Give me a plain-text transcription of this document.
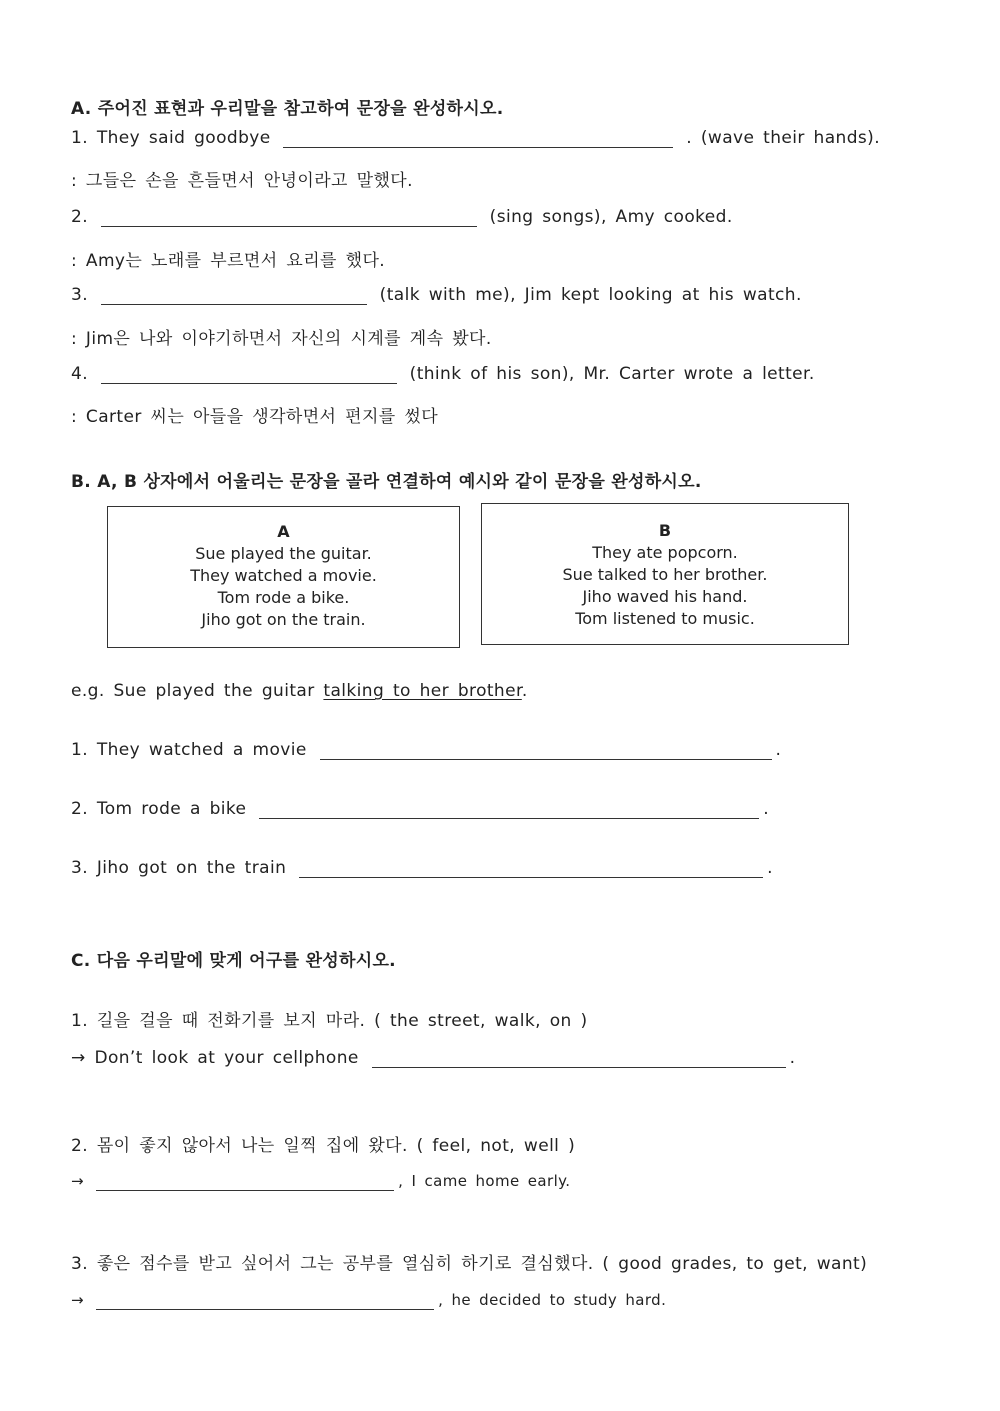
A. 주어진 표현과 우리말을 참고하여 문장을 완성하시오.
1. They said goodbye	. (wave their hands).
: 그들은 손을 흔들면서 안녕이라고 말했다.
2.	(sing songs), Amy cooked.
: Amy는 노래를 부르면서 요리를 했다.
3.	(talk with me), Jim kept looking at his watch.
: Jim은 나와 이야기하면서 자신의 시계를 계속 봤다.
4.	(think of his son), Mr. Carter wrote a letter.
: Carter 씨는 아들을 생각하면서 편지를 썼다
B. A, B 상자에서 어울리는 문장을 골라 연결하여 예시와 같이 문장을 완성하시오.
A
Sue played the guitar.
They watched a movie.
Tom rode a bike.
Jiho got on the train.
B
They ate popcorn.
Sue talked to her brother.
Jiho waved his hand.
Tom listened to music.
e.g. Sue played the guitar talking to her brother.
1. They watched a movie	.
2. Tom rode a bike	.
3. Jiho got on the train	.
C. 다음 우리말에 맞게 어구를 완성하시오.
1. 길을 걸을 때 전화기를 보지 마라. ( the street, walk, on )
→ Don’t look at your cellphone	.
2. 몸이 좋지 않아서 나는 일찍 집에 왔다. ( feel, not, well )
→	, I came home early.
3. 좋은 점수를 받고 싶어서 그는 공부를 열심히 하기로 결심했다. ( good grades, to get, want)
→	, he decided to study hard.
